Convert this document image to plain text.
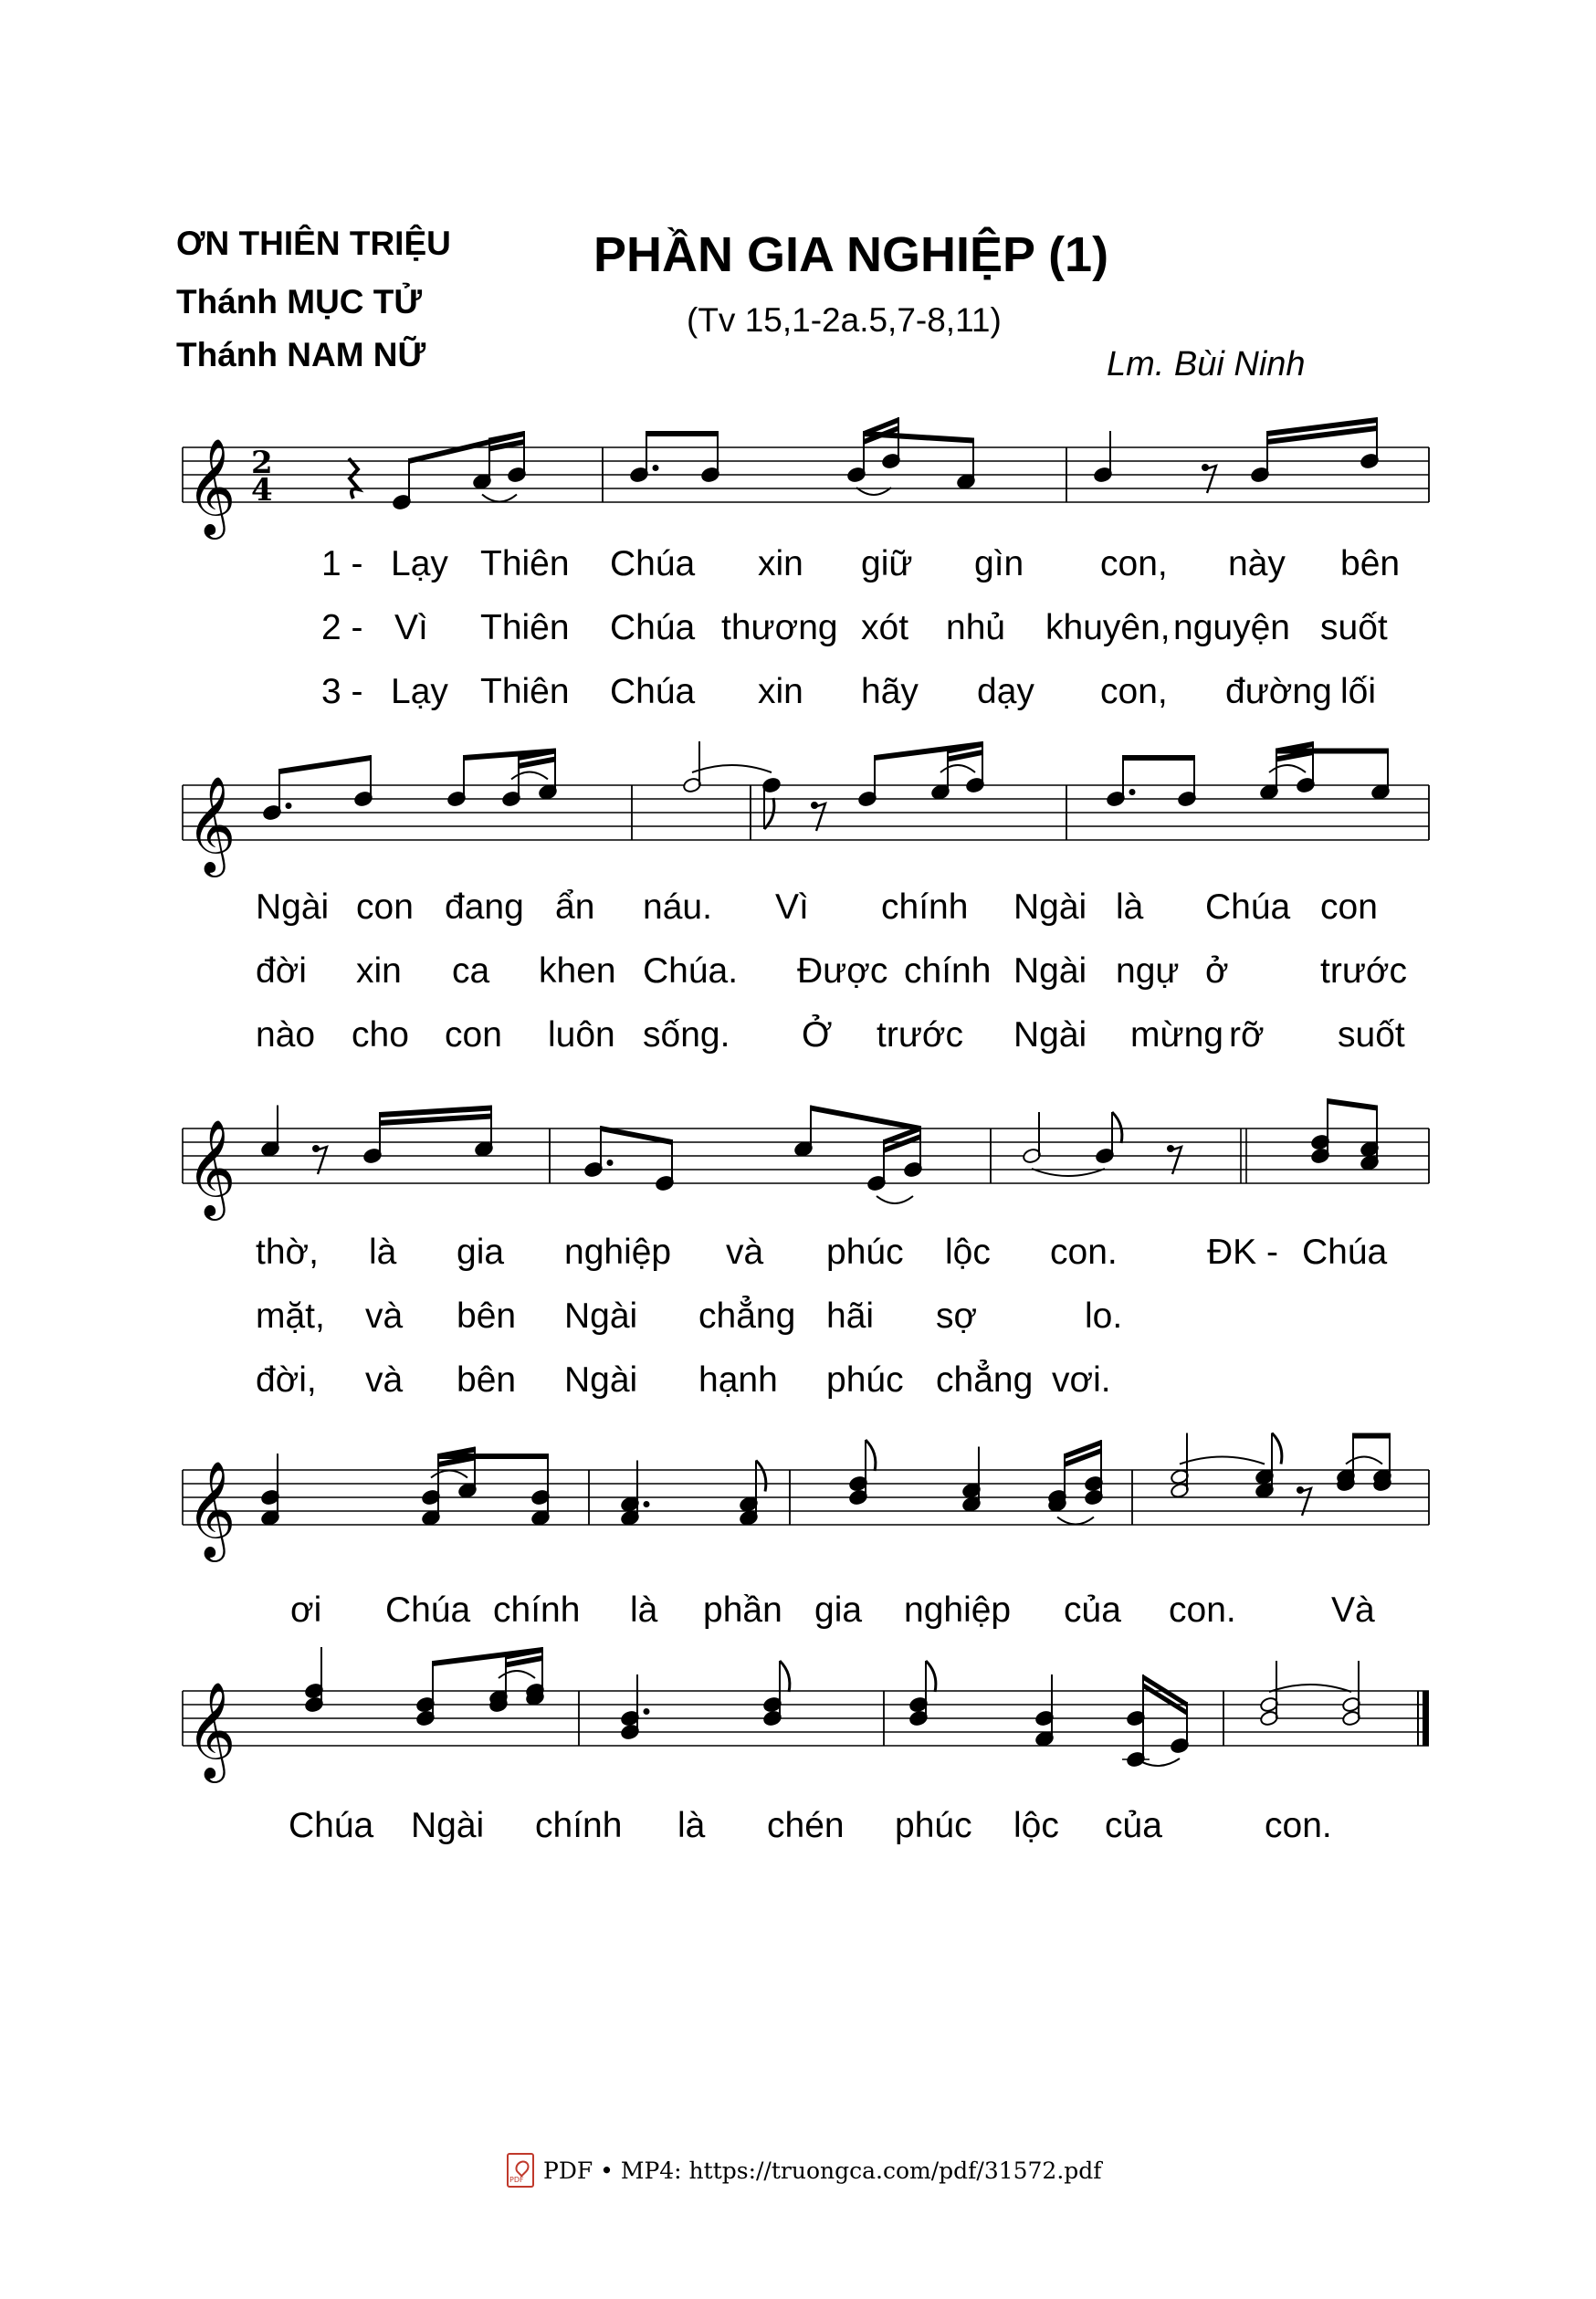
ƠN THIÊN TRIỆU
Thánh MỤC TỬ
Thánh NAM NỮ
PHẦN GIA NGHIỆP (1)
(Tv 15,1-2a.5,7-8,11)
Lm. Bùi Ninh
𝄞 2
4
𝄞
𝄞
𝄞
𝄞
1 - Lạy Thiên Chúa xin giữ gìn con, này bên
2 - Vì Thiên Chúa thương xót nhủ khuyên, nguyện suốt
3 - Lạy Thiên Chúa xin hãy dạy con, đường lối
Ngài con đang ẩn náu. Vì chính Ngài là Chúa con
đời xin ca khen Chúa. Được chính Ngài ngự ở	trước
nào cho con luôn sống. Ở trước Ngài mừng rỡ suốt
thờ, là gia nghiệp và phúc lộc con.	ĐK - Chúa
mặt, và bên Ngài chẳng hãi sợ	lo.
đời, và bên Ngài hạnh phúc chẳng vơi.
ơi Chúa chính là phần gia nghiệp của con.	Và
Chúa Ngài chính là chén phúc lộc của	con.
PDF
PDF • MP4: https://truongca.com/pdf/31572.pdf
